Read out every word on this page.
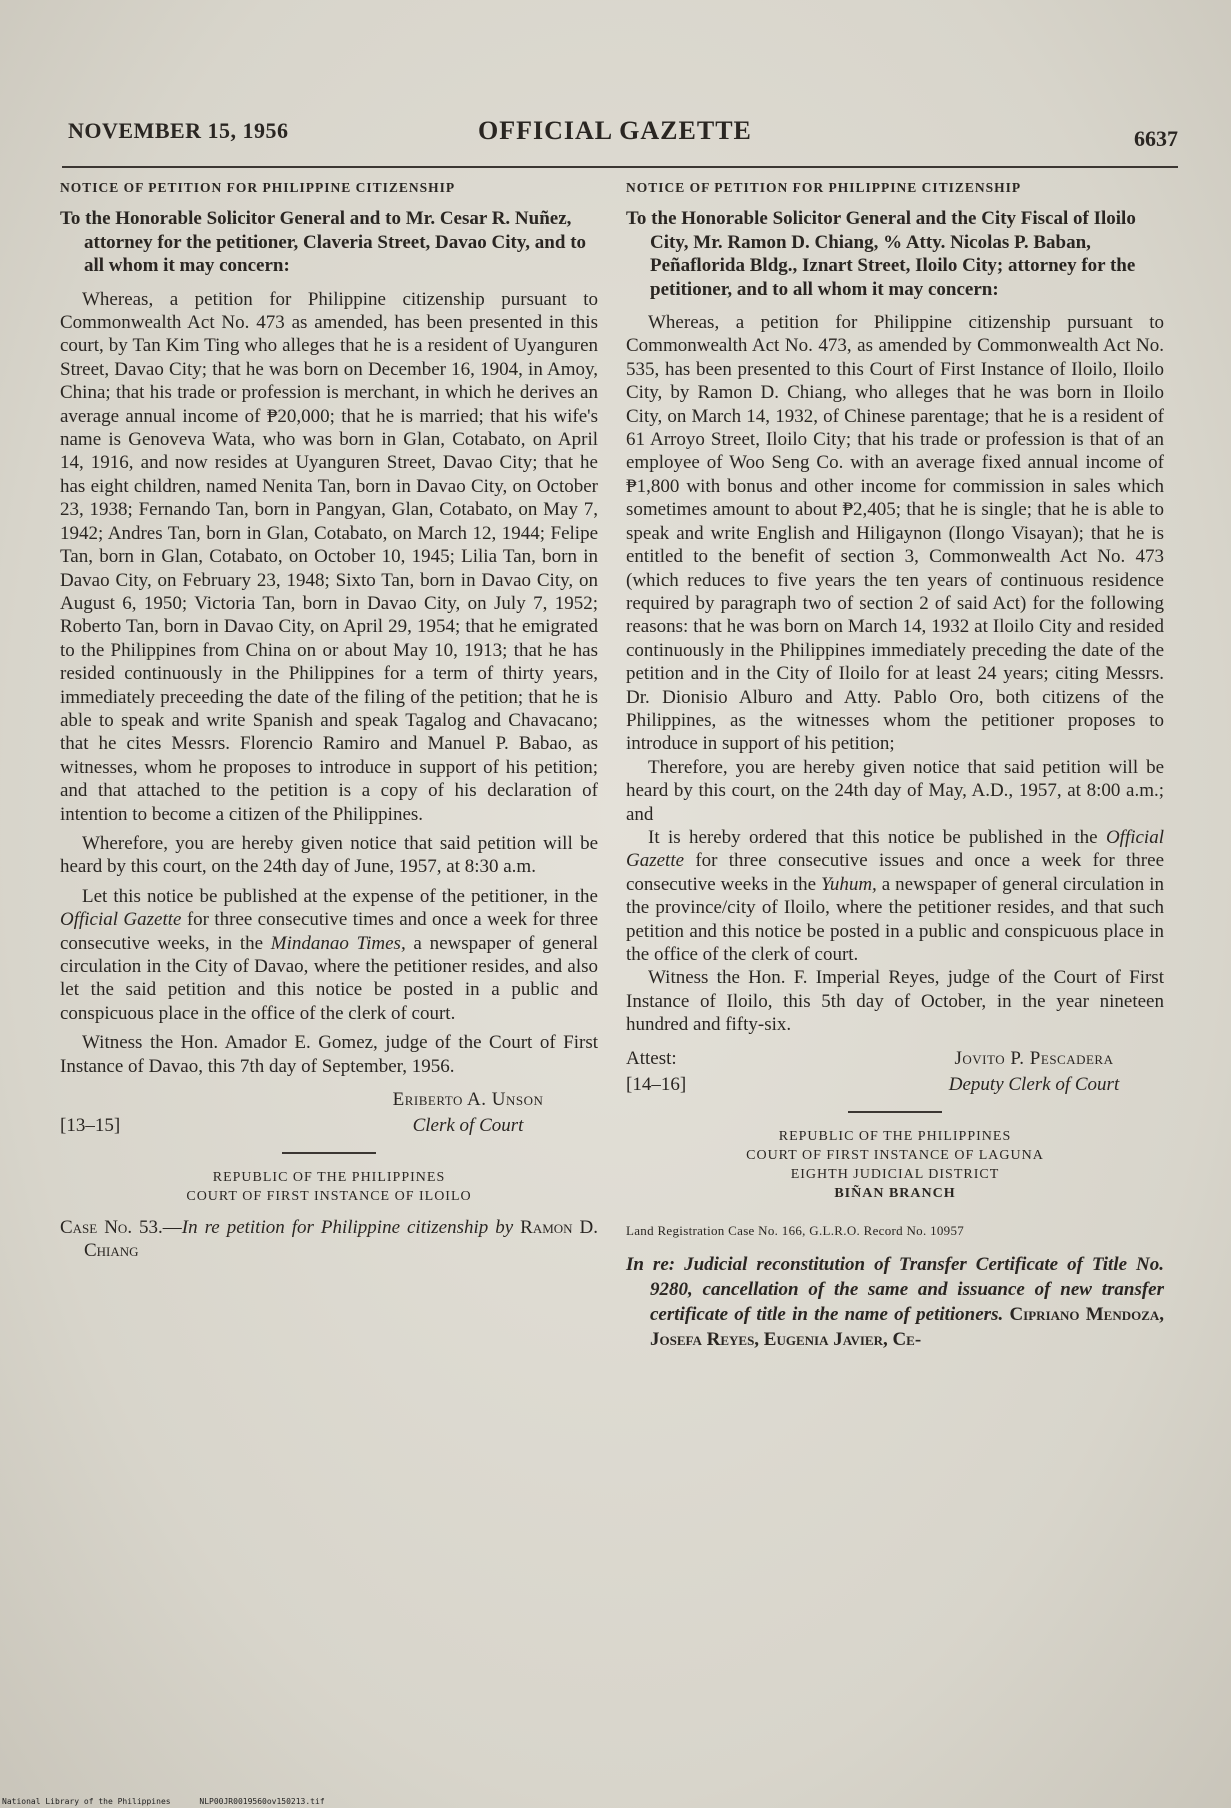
NOVEMBER 15, 1956	OFFICIAL GAZETTE	6637
NOTICE OF PETITION FOR PHILIPPINE CITIZENSHIP
To the Honorable Solicitor General and to Mr. Cesar R. Nuñez, attorney for the petitioner, Claveria Street, Davao City, and to all whom it may concern:

Whereas, a petition for Philippine citizenship pursuant to Commonwealth Act No. 473 as amended, has been presented in this court, by Tan Kim Ting who alleges that he is a resident of Uyanguren Street, Davao City; that he was born on December 16, 1904, in Amoy, China; that his trade or profession is merchant, in which he derives an average annual income of ₱20,000; that he is married; that his wife's name is Genoveva Wata, who was born in Glan, Cotabato, on April 14, 1916, and now resides at Uyanguren Street, Davao City; that he has eight children, named Nenita Tan, born in Davao City, on October 23, 1938; Fernando Tan, born in Pangyan, Glan, Cotabato, on May 7, 1942; Andres Tan, born in Glan, Cotabato, on March 12, 1944; Felipe Tan, born in Glan, Cotabato, on October 10, 1945; Lilia Tan, born in Davao City, on February 23, 1948; Sixto Tan, born in Davao City, on August 6, 1950; Victoria Tan, born in Davao City, on July 7, 1952; Roberto Tan, born in Davao City, on April 29, 1954; that he emigrated to the Philippines from China on or about May 10, 1913; that he has resided continuously in the Philippines for a term of thirty years, immediately preceeding the date of the filing of the petition; that he is able to speak and write Spanish and speak Tagalog and Chavacano; that he cites Messrs. Florencio Ramiro and Manuel P. Babao, as witnesses, whom he proposes to introduce in support of his petition; and that attached to the petition is a copy of his declaration of intention to become a citizen of the Philippines.

Wherefore, you are hereby given notice that said petition will be heard by this court, on the 24th day of June, 1957, at 8:30 a.m.

Let this notice be published at the expense of the petitioner, in the Official Gazette for three consecutive times and once a week for three consecutive weeks, in the Mindanao Times, a newspaper of general circulation in the City of Davao, where the petitioner resides, and also let the said petition and this notice be posted in a public and conspicuous place in the office of the clerk of court.

Witness the Hon. Amador E. Gomez, judge of the Court of First Instance of Davao, this 7th day of September, 1956.

[13–15]
Eriberto A. Unson
Clerk of Court
REPUBLIC OF THE PHILIPPINES
COURT OF FIRST INSTANCE OF ILOILO
Case No. 53.—In re petition for Philippine citizenship by Ramon D. Chiang
NOTICE OF PETITION FOR PHILIPPINE CITIZENSHIP
To the Honorable Solicitor General and the City Fiscal of Iloilo City, Mr. Ramon D. Chiang, % Atty. Nicolas P. Baban, Peñaflorida Bldg., Iznart Street, Iloilo City; attorney for the petitioner, and to all whom it may concern:

Whereas, a petition for Philippine citizenship pursuant to Commonwealth Act No. 473, as amended by Commonwealth Act No. 535, has been presented to this Court of First Instance of Iloilo, Iloilo City, by Ramon D. Chiang, who alleges that he was born in Iloilo City, on March 14, 1932, of Chinese parentage; that he is a resident of 61 Arroyo Street, Iloilo City; that his trade or profession is that of an employee of Woo Seng Co. with an average fixed annual income of ₱1,800 with bonus and other income for commission in sales which sometimes amount to about ₱2,405; that he is single; that he is able to speak and write English and Hiligaynon (Ilongo Visayan); that he is entitled to the benefit of section 3, Commonwealth Act No. 473 (which reduces to five years the ten years of continuous residence required by paragraph two of section 2 of said Act) for the following reasons: that he was born on March 14, 1932 at Iloilo City and resided continuously in the Philippines immediately preceding the date of the petition and in the City of Iloilo for at least 24 years; citing Messrs. Dr. Dionisio Alburo and Atty. Pablo Oro, both citizens of the Philippines, as the witnesses whom the petitioner proposes to introduce in support of his petition;

Therefore, you are hereby given notice that said petition will be heard by this court, on the 24th day of May, A.D., 1957, at 8:00 a.m.; and

It is hereby ordered that this notice be published in the Official Gazette for three consecutive issues and once a week for three consecutive weeks in the Yuhum, a newspaper of general circulation in the province/city of Iloilo, where the petitioner resides, and that such petition and this notice be posted in a public and conspicuous place in the office of the clerk of court.

Witness the Hon. F. Imperial Reyes, judge of the Court of First Instance of Iloilo, this 5th day of October, in the year nineteen hundred and fifty-six.

Attest:
[14–16]
Jovito P. Pescadera
Deputy Clerk of Court
REPUBLIC OF THE PHILIPPINES
COURT OF FIRST INSTANCE OF LAGUNA
EIGHTH JUDICIAL DISTRICT
BIÑAN BRANCH
Land Registration Case No. 166, G.L.R.O. Record No. 10957
In re: Judicial reconstitution of Transfer Certificate of Title No. 9280, cancellation of the same and issuance of new transfer certificate of title in the name of petitioners. Cipriano Mendoza, Josefa Reyes, Eugenia Javier, Ce-
National Library of the Philippines	NLP00JR0019560ov150213.tif
